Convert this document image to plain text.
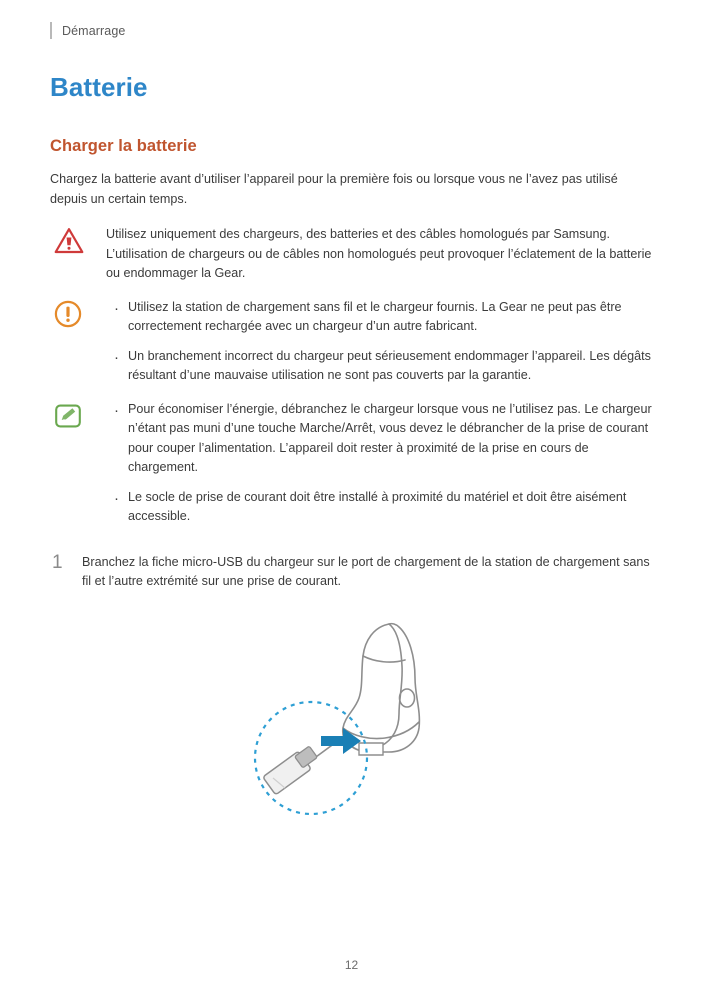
Démarrage
Batterie
Charger la batterie

Chargez la batterie avant d’utiliser l’appareil pour la première fois ou lorsque vous ne l’avez pas utilisé depuis un certain temps.

Utilisez uniquement des chargeurs, des batteries et des câbles homologués par Samsung. L’utilisation de chargeurs ou de câbles non homologués peut provoquer l’éclatement de la batterie ou endommager la Gear.

· Utilisez la station de chargement sans fil et le chargeur fournis. La Gear ne peut pas être correctement rechargée avec un chargeur d’un autre fabricant.
· Un branchement incorrect du chargeur peut sérieusement endommager l’appareil. Les dégâts résultant d’une mauvaise utilisation ne sont pas couverts par la garantie.
· Pour économiser l’énergie, débranchez le chargeur lorsque vous ne l’utilisez pas. Le chargeur n’étant pas muni d’une touche Marche/Arrêt, vous devez le débrancher de la prise de courant pour couper l’alimentation. L’appareil doit rester à proximité de la prise en cours de chargement.
· Le socle de prise de courant doit être installé à proximité du matériel et doit être aisément accessible.
1	Branchez la fiche micro-USB du chargeur sur le port de chargement de la station de chargement sans fil et l’autre extrémité sur une prise de courant.
12
